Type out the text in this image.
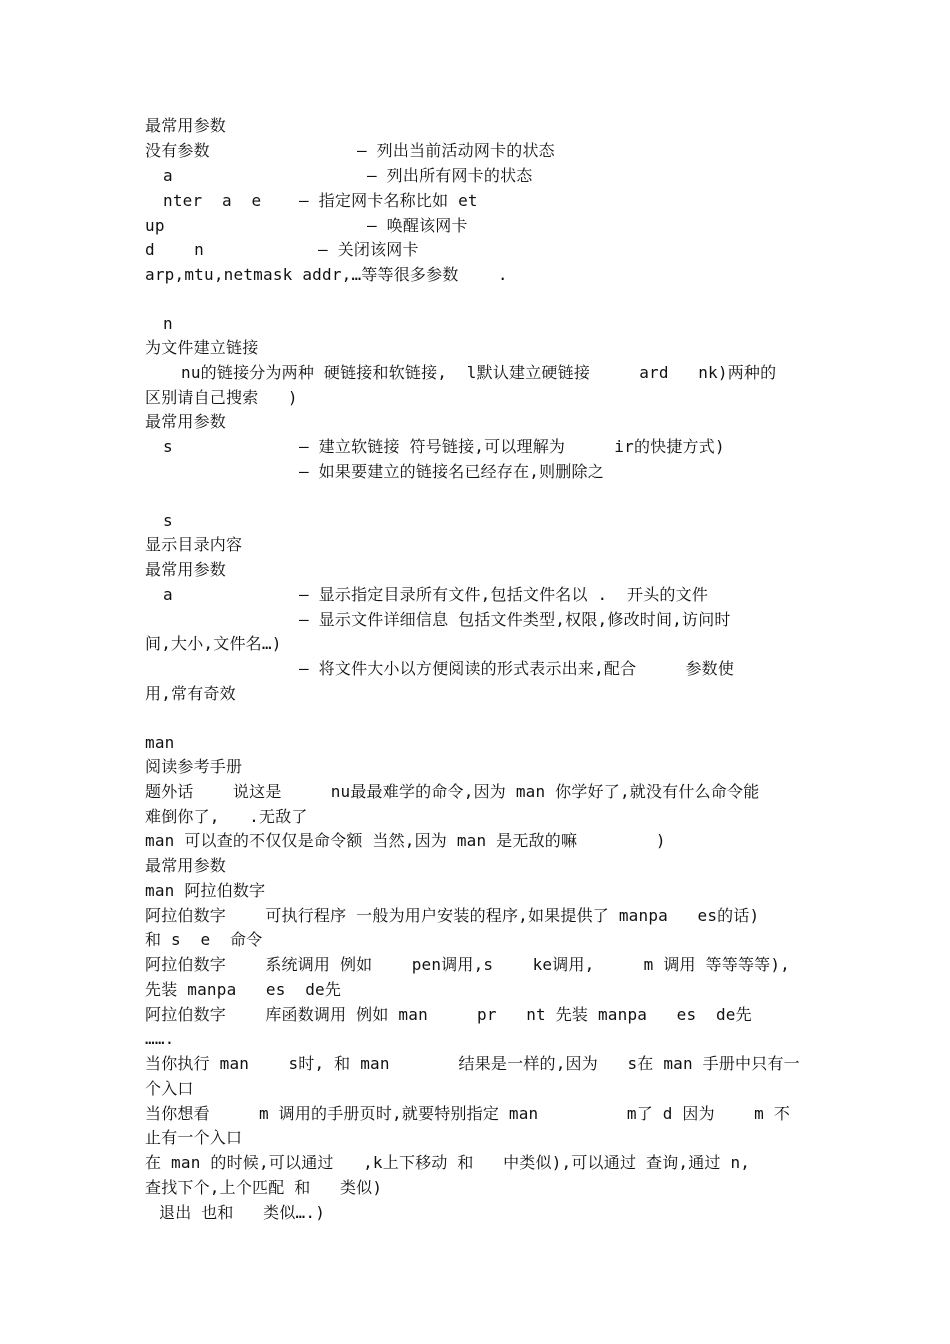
最常用参数
没有参数	— 列出当前活动网卡的状态
a	— 列出所有网卡的状态
nter  a  e — 指定网卡名称比如 et
up	— 唤醒该网卡
d    n	— 关闭该网卡
arp,mtu,netmask addr,…等等很多参数    .
n
为文件建立链接
nu的链接分为两种 硬链接和软链接,  l默认建立硬链接     ard   nk)两种的
区别请自己搜索   )
最常用参数
s	— 建立软链接 符号链接,可以理解为     ir的快捷方式)
— 如果要建立的链接名已经存在,则删除之
s
显示目录内容
最常用参数
a	— 显示指定目录所有文件,包括文件名以 .  开头的文件
— 显示文件详细信息 包括文件类型,权限,修改时间,访问时
间,大小,文件名…)
— 将文件大小以方便阅读的形式表示出来,配合     参数使
用,常有奇效
man
阅读参考手册
题外话    说这是     nu最最难学的命令,因为 man 你学好了,就没有什么命令能
难倒你了,   .无敌了
man 可以查的不仅仅是命令额 当然,因为 man 是无敌的嘛        )
最常用参数
man 阿拉伯数字
阿拉伯数字    可执行程序 一般为用户安装的程序,如果提供了 manpa   es的话)
和 s  e  命令
阿拉伯数字    系统调用 例如    pen调用,s    ke调用,     m 调用 等等等等),
先装 manpa   es  de先
阿拉伯数字    库函数调用 例如 man     pr   nt 先装 manpa   es  de先
…….
当你执行 man    s时, 和 man       结果是一样的,因为   s在 man 手册中只有一
个入口
当你想看     m 调用的手册页时,就要特别指定 man         m了 d 因为    m 不
止有一个入口
在 man 的时候,可以通过   ,k上下移动 和   中类似),可以通过 查询,通过 n,
查找下个,上个匹配 和   类似)
退出 也和   类似….)
